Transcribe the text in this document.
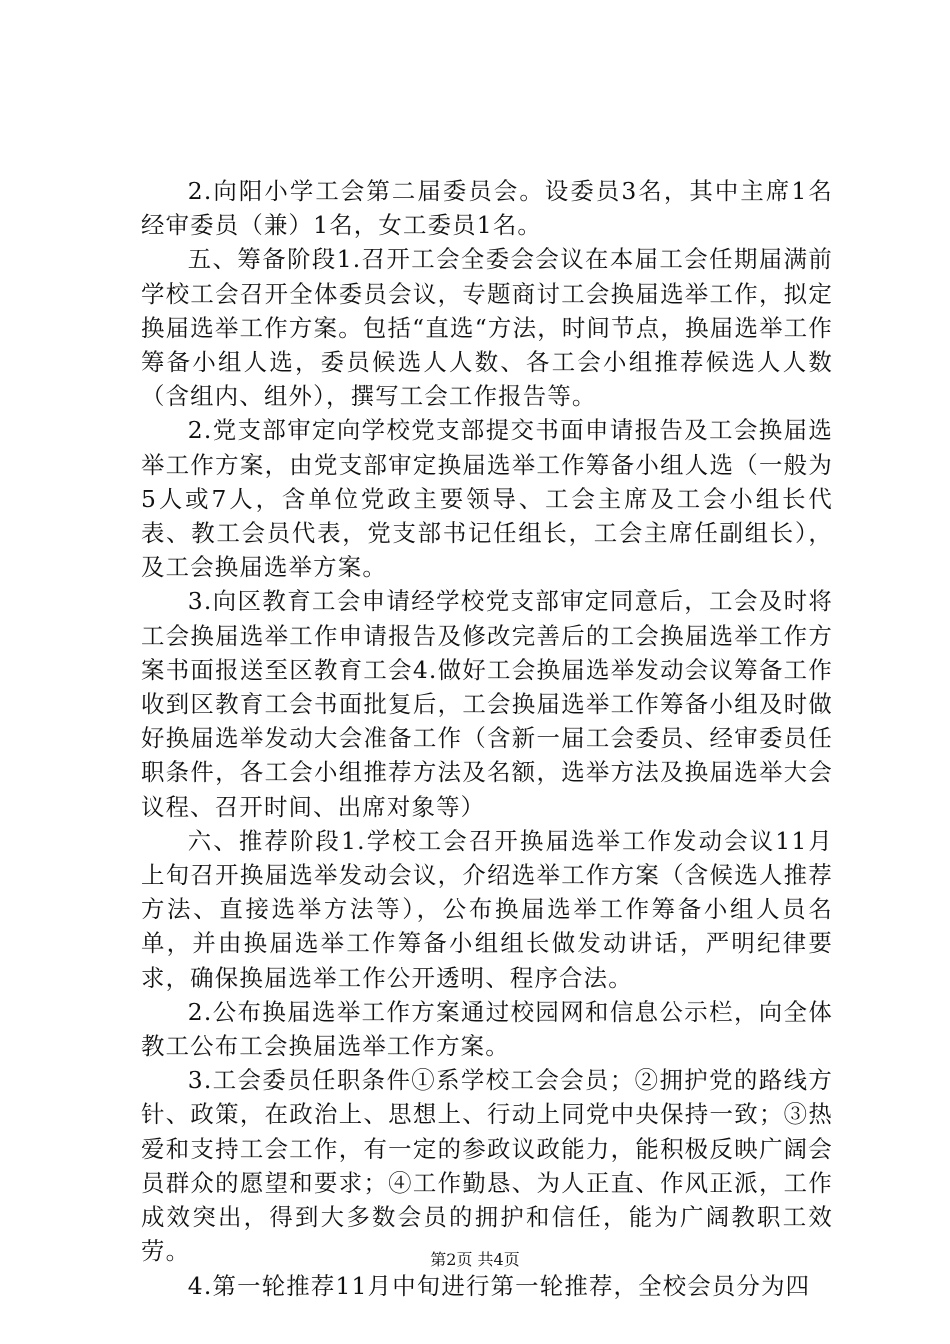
2.向阳小学工会第二届委员会。设委员3名，其中主席1名经审委员（兼）1名，女工委员1名。

五、筹备阶段1.召开工会全委会会议在本届工会任期届满前学校工会召开全体委员会议，专题商讨工会换届选举工作，拟定换届选举工作方案。包括“直选“方法，时间节点，换届选举工作筹备小组人选，委员候选人人数、各工会小组推荐候选人人数（含组内、组外），撰写工会工作报告等。

2.党支部审定向学校党支部提交书面申请报告及工会换届选举工作方案，由党支部审定换届选举工作筹备小组人选（一般为5人或7人，含单位党政主要领导、工会主席及工会小组长代表、教工会员代表，党支部书记任组长，工会主席任副组长），及工会换届选举方案。

3.向区教育工会申请经学校党支部审定同意后，工会及时将工会换届选举工作申请报告及修改完善后的工会换届选举工作方案书面报送至区教育工会4.做好工会换届选举发动会议筹备工作收到区教育工会书面批复后，工会换届选举工作筹备小组及时做好换届选举发动大会准备工作（含新一届工会委员、经审委员任职条件，各工会小组推荐方法及名额，选举方法及换届选举大会议程、召开时间、出席对象等）

六、推荐阶段1.学校工会召开换届选举工作发动会议11月上旬召开换届选举发动会议，介绍选举工作方案（含候选人推荐方法、直接选举方法等），公布换届选举工作筹备小组人员名单，并由换届选举工作筹备小组组长做发动讲话，严明纪律要求，确保换届选举工作公开透明、程序合法。

2.公布换届选举工作方案通过校园网和信息公示栏，向全体教工公布工会换届选举工作方案。

3.工会委员任职条件①系学校工会会员；②拥护党的路线方针、政策，在政治上、思想上、行动上同党中央保持一致；③热爱和支持工会工作，有一定的参政议政能力，能积极反映广阔会员群众的愿望和要求；④工作勤恳、为人正直、作风正派，工作成效突出，得到大多数会员的拥护和信任，能为广阔教职工效劳。

4.第一轮推荐11月中旬进行第一轮推荐，全校会员分为四

第2页 共4页
